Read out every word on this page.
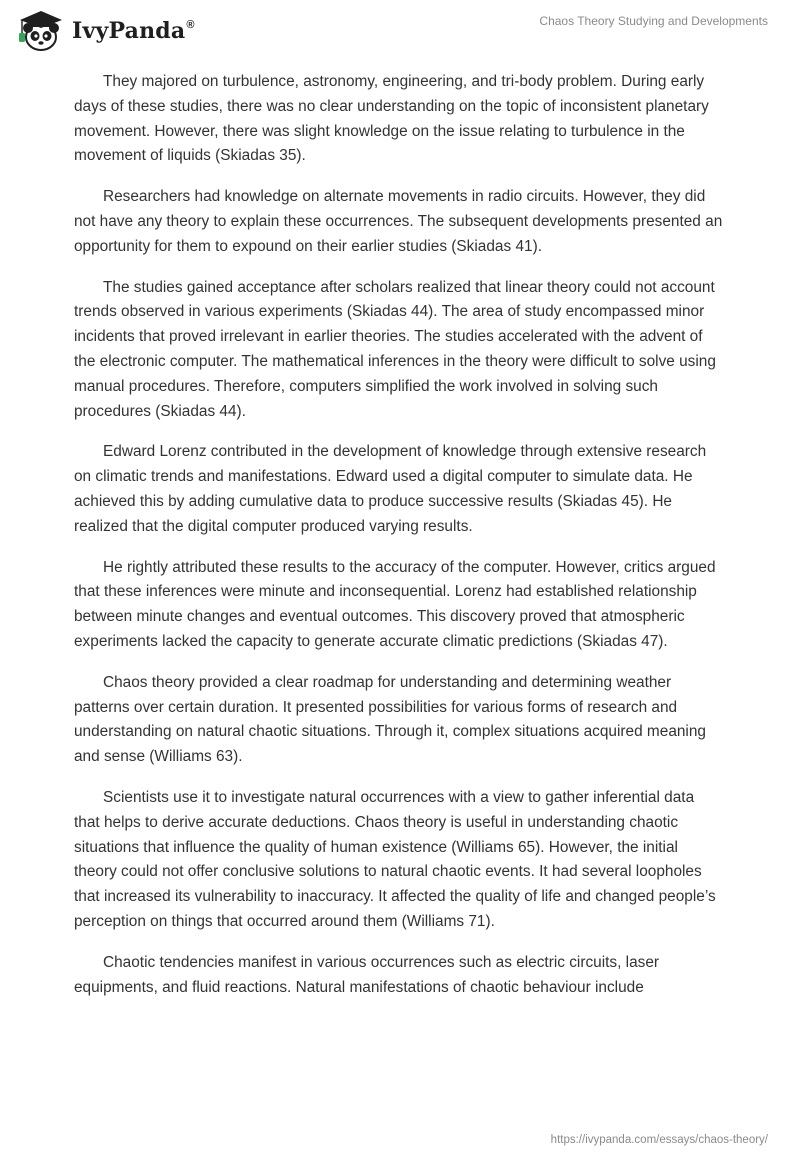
IvyPanda®	Chaos Theory Studying and Developments

They majored on turbulence, astronomy, engineering, and tri-body problem. During early days of these studies, there was no clear understanding on the topic of inconsistent planetary movement. However, there was slight knowledge on the issue relating to turbulence in the movement of liquids (Skiadas 35).

Researchers had knowledge on alternate movements in radio circuits. However, they did not have any theory to explain these occurrences. The subsequent developments presented an opportunity for them to expound on their earlier studies (Skiadas 41).

The studies gained acceptance after scholars realized that linear theory could not account trends observed in various experiments (Skiadas 44). The area of study encompassed minor incidents that proved irrelevant in earlier theories. The studies accelerated with the advent of the electronic computer. The mathematical inferences in the theory were difficult to solve using manual procedures. Therefore, computers simplified the work involved in solving such procedures (Skiadas 44).

Edward Lorenz contributed in the development of knowledge through extensive research on climatic trends and manifestations. Edward used a digital computer to simulate data. He achieved this by adding cumulative data to produce successive results (Skiadas 45). He realized that the digital computer produced varying results.

He rightly attributed these results to the accuracy of the computer. However, critics argued that these inferences were minute and inconsequential. Lorenz had established relationship between minute changes and eventual outcomes. This discovery proved that atmospheric experiments lacked the capacity to generate accurate climatic predictions (Skiadas 47).

Chaos theory provided a clear roadmap for understanding and determining weather patterns over certain duration. It presented possibilities for various forms of research and understanding on natural chaotic situations. Through it, complex situations acquired meaning and sense (Williams 63).

Scientists use it to investigate natural occurrences with a view to gather inferential data that helps to derive accurate deductions. Chaos theory is useful in understanding chaotic situations that influence the quality of human existence (Williams 65). However, the initial theory could not offer conclusive solutions to natural chaotic events. It had several loopholes that increased its vulnerability to inaccuracy. It affected the quality of life and changed people’s perception on things that occurred around them (Williams 71).

Chaotic tendencies manifest in various occurrences such as electric circuits, laser equipments, and fluid reactions. Natural manifestations of chaotic behaviour include

https://ivypanda.com/essays/chaos-theory/
